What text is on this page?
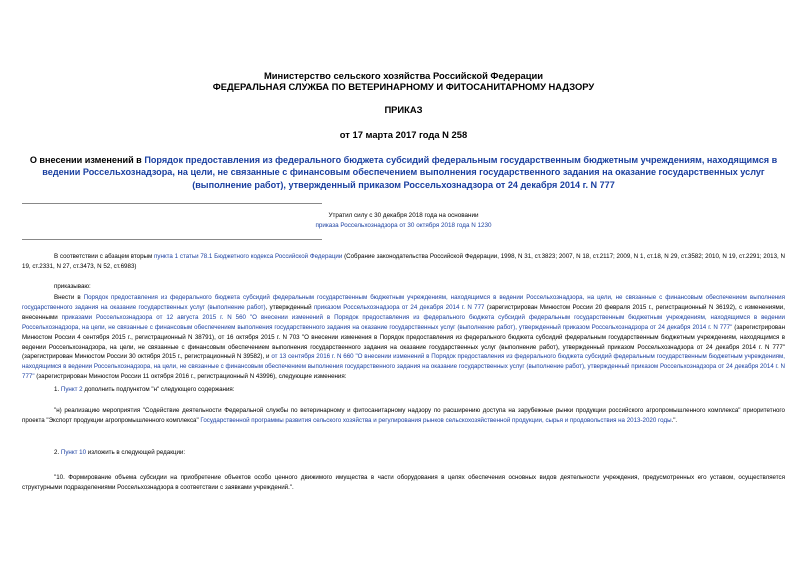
Министерство сельского хозяйства Российской Федерации
ФЕДЕРАЛЬНАЯ СЛУЖБА ПО ВЕТЕРИНАРНОМУ И ФИТОСАНИТАРНОМУ НАДЗОРУ
ПРИКАЗ
от 17 марта 2017 года N 258
О внесении изменений в Порядок предоставления из федерального бюджета субсидий федеральным государственным бюджетным учреждениям, находящимся в ведении Россельхознадзора, на цели, не связанные с финансовым обеспечением выполнения государственного задания на оказание государственных услуг (выполнение работ), утвержденный приказом Россельхознадзора от 24 декабря 2014 г. N 777
Утратил силу с 30 декабря 2018 года на основании
приказа Россельхознадзора от 30 октября 2018 года N 1230
В соответствии с абзацем вторым пункта 1 статьи 78.1 Бюджетного кодекса Российской Федерации (Собрание законодательства Российской Федерации, 1998, N 31, ст.3823; 2007, N 18, ст.2117; 2009, N 1, ст.18, N 29, ст.3582; 2010, N 19, ст.2291; 2013, N 19, ст.2331, N 27, ст.3473, N 52, ст.6983)
приказываю:
Внести в Порядок предоставления из федерального бюджета субсидий федеральным государственным бюджетным учреждениям, находящимся в ведении Россельхознадзора, на цели, не связанные с финансовым обеспечением выполнения государственного задания на оказание государственных услуг (выполнение работ), утвержденный приказом Россельхознадзора от 24 декабря 2014 г. N 777 (зарегистрирован Минюстом России 20 февраля 2015 г., регистрационный N 36192), с изменениями, внесенными приказами Россельхознадзора от 12 августа 2015 г. N 560 "О внесении изменений в Порядок предоставления из федерального бюджета субсидий федеральным государственным бюджетным учреждениям, находящимся в ведении Россельхознадзора, на цели, не связанные с финансовым обеспечением выполнения государственного задания на оказание государственных услуг (выполнение работ), утвержденный приказом Россельхознадзора от 24 декабря 2014 г. N 777" (зарегистрирован Минюстом России 4 сентября 2015 г., регистрационный N 38791), от 16 октября 2015 г. N 703 "О внесении изменения в Порядок предоставления из федерального бюджета субсидий федеральным государственным бюджетным учреждениям, находящимся в ведении Россельхознадзора, на цели, не связанные с финансовым обеспечением выполнения государственного задания на оказание государственных услуг (выполнение работ), утвержденный приказом Россельхознадзора от 24 декабря 2014 г. N 777" (зарегистрирован Минюстом России 30 октября 2015 г., регистрационный N 39582), и от 13 сентября 2016 г. N 660 "О внесении изменений в Порядок предоставления из федерального бюджета субсидий федеральным государственным бюджетным учреждениям, находящимся в ведении Россельхознадзора, на цели, не связанные с финансовым обеспечением выполнения государственного задания на оказание государственных услуг (выполнение работ), утвержденный приказом Россельхознадзора от 24 декабря 2014 г. N 777" (зарегистрирован Минюстом России 11 октября 2016 г., регистрационный N 43996), следующие изменения:
1. Пункт 2 дополнить подпунктом "н" следующего содержания:
"н) реализацию мероприятия "Содействие деятельности Федеральной службы по ветеринарному и фитосанитарному надзору по расширению доступа на зарубежные рынки продукции российского агропромышленного комплекса" приоритетного проекта "Экспорт продукции агропромышленного комплекса" Государственной программы развития сельского хозяйства и регулирования рынков сельскохозяйственной продукции, сырья и продовольствия на 2013-2020 годы.".
2. Пункт 10 изложить в следующей редакции:
"10. Формирование объема субсидии на приобретение объектов особо ценного движимого имущества в части оборудования в целях обеспечения основных видов деятельности учреждения, предусмотренных его уставом, осуществляется структурными подразделениями Россельхознадзора в соответствии с заявками учреждений.".
